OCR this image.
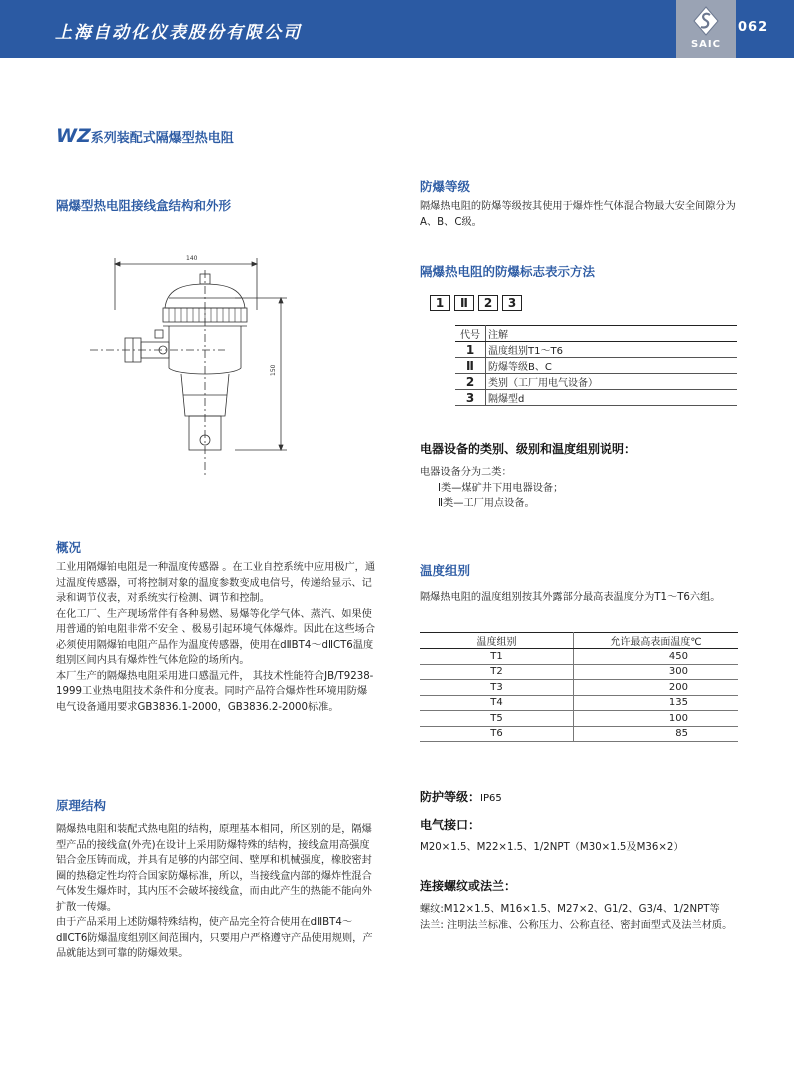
上海自动化仪表股份有限公司
SAIC
062
WZ系列装配式隔爆型热电阻
隔爆型热电阻接线盒结构和外形
140
150
概况

工业用隔爆铂电阻是一种温度传感器 。在工业自控系统中应用极广，通过温度传感器，可将控制对象的温度参数变成电信号，传递给显示、记录和调节仪表，对系统实行检测、调节和控制。

在化工厂、生产现场常伴有各种易燃、易爆等化学气体、蒸汽、如果使用普通的铂电阻非常不安全 、极易引起环境气体爆炸。因此在这些场合必须使用隔爆铂电阻产品作为温度传感器，使用在dⅡBT4～dⅡCT6温度组别区间内具有爆炸性气体危险的场所内。

本厂生产的隔爆热电阻采用进口感温元件， 其技术性能符合JB/T9238-1999工业热电阻技术条件和分度表。同时产品符合爆炸性环境用防爆电气设备通用要求GB3836.1-2000，GB3836.2-2000标准。

原理结构

隔爆热电阻和装配式热电阻的结构，原理基本相同，所区别的是，隔爆型产品的接线盒(外壳)在设计上采用防爆特殊的结构，接线盒用高强度铝合金压铸而成，并具有足够的内部空间、壁厚和机械强度，橡胶密封圈的热稳定性均符合国家防爆标准，所以，当接线盒内部的爆炸性混合气体发生爆炸时，其内压不会破坏接线盒，而由此产生的热能不能向外扩散一传爆。

由于产品采用上述防爆特殊结构，使产品完全符合使用在dⅡBT4～dⅡCT6防爆温度组别区间范围内，只要用户严格遵守产品使用规则，产品就能达到可靠的防爆效果。

防爆等级
隔爆热电阻的防爆等级按其使用于爆炸性气体混合物最大安全间隙分为A、B、C级。
隔爆热电阻的防爆标志表示方法
1 Ⅱ 2 3
代号	注解
1	温度组别T1～T6
Ⅱ	防爆等级B、C
2	类别（工厂用电气设备）
3	隔爆型d
电器设备的类别、级别和温度组别说明：

电器设备分为二类：

Ⅰ类—煤矿井下用电器设备；

Ⅱ类—工厂用点设备。

温度组别
隔爆热电阻的温度组别按其外露部分最高表温度分为T1～T6六组。
温度组别	允许最高表面温度℃
T1	450
T2	300
T3	200
T4	135
T5	100
T6	85
防护等级：IP65
电气接口：
M20×1.5、M22×1.5、1/2NPT（M30×1.5及M36×2）
连接螺纹或法兰：

螺纹:M12×1.5、M16×1.5、M27×2、G1/2、G3/4、1/2NPT等

法兰: 注明法兰标准、公称压力、公称直径、密封面型式及法兰材质。
